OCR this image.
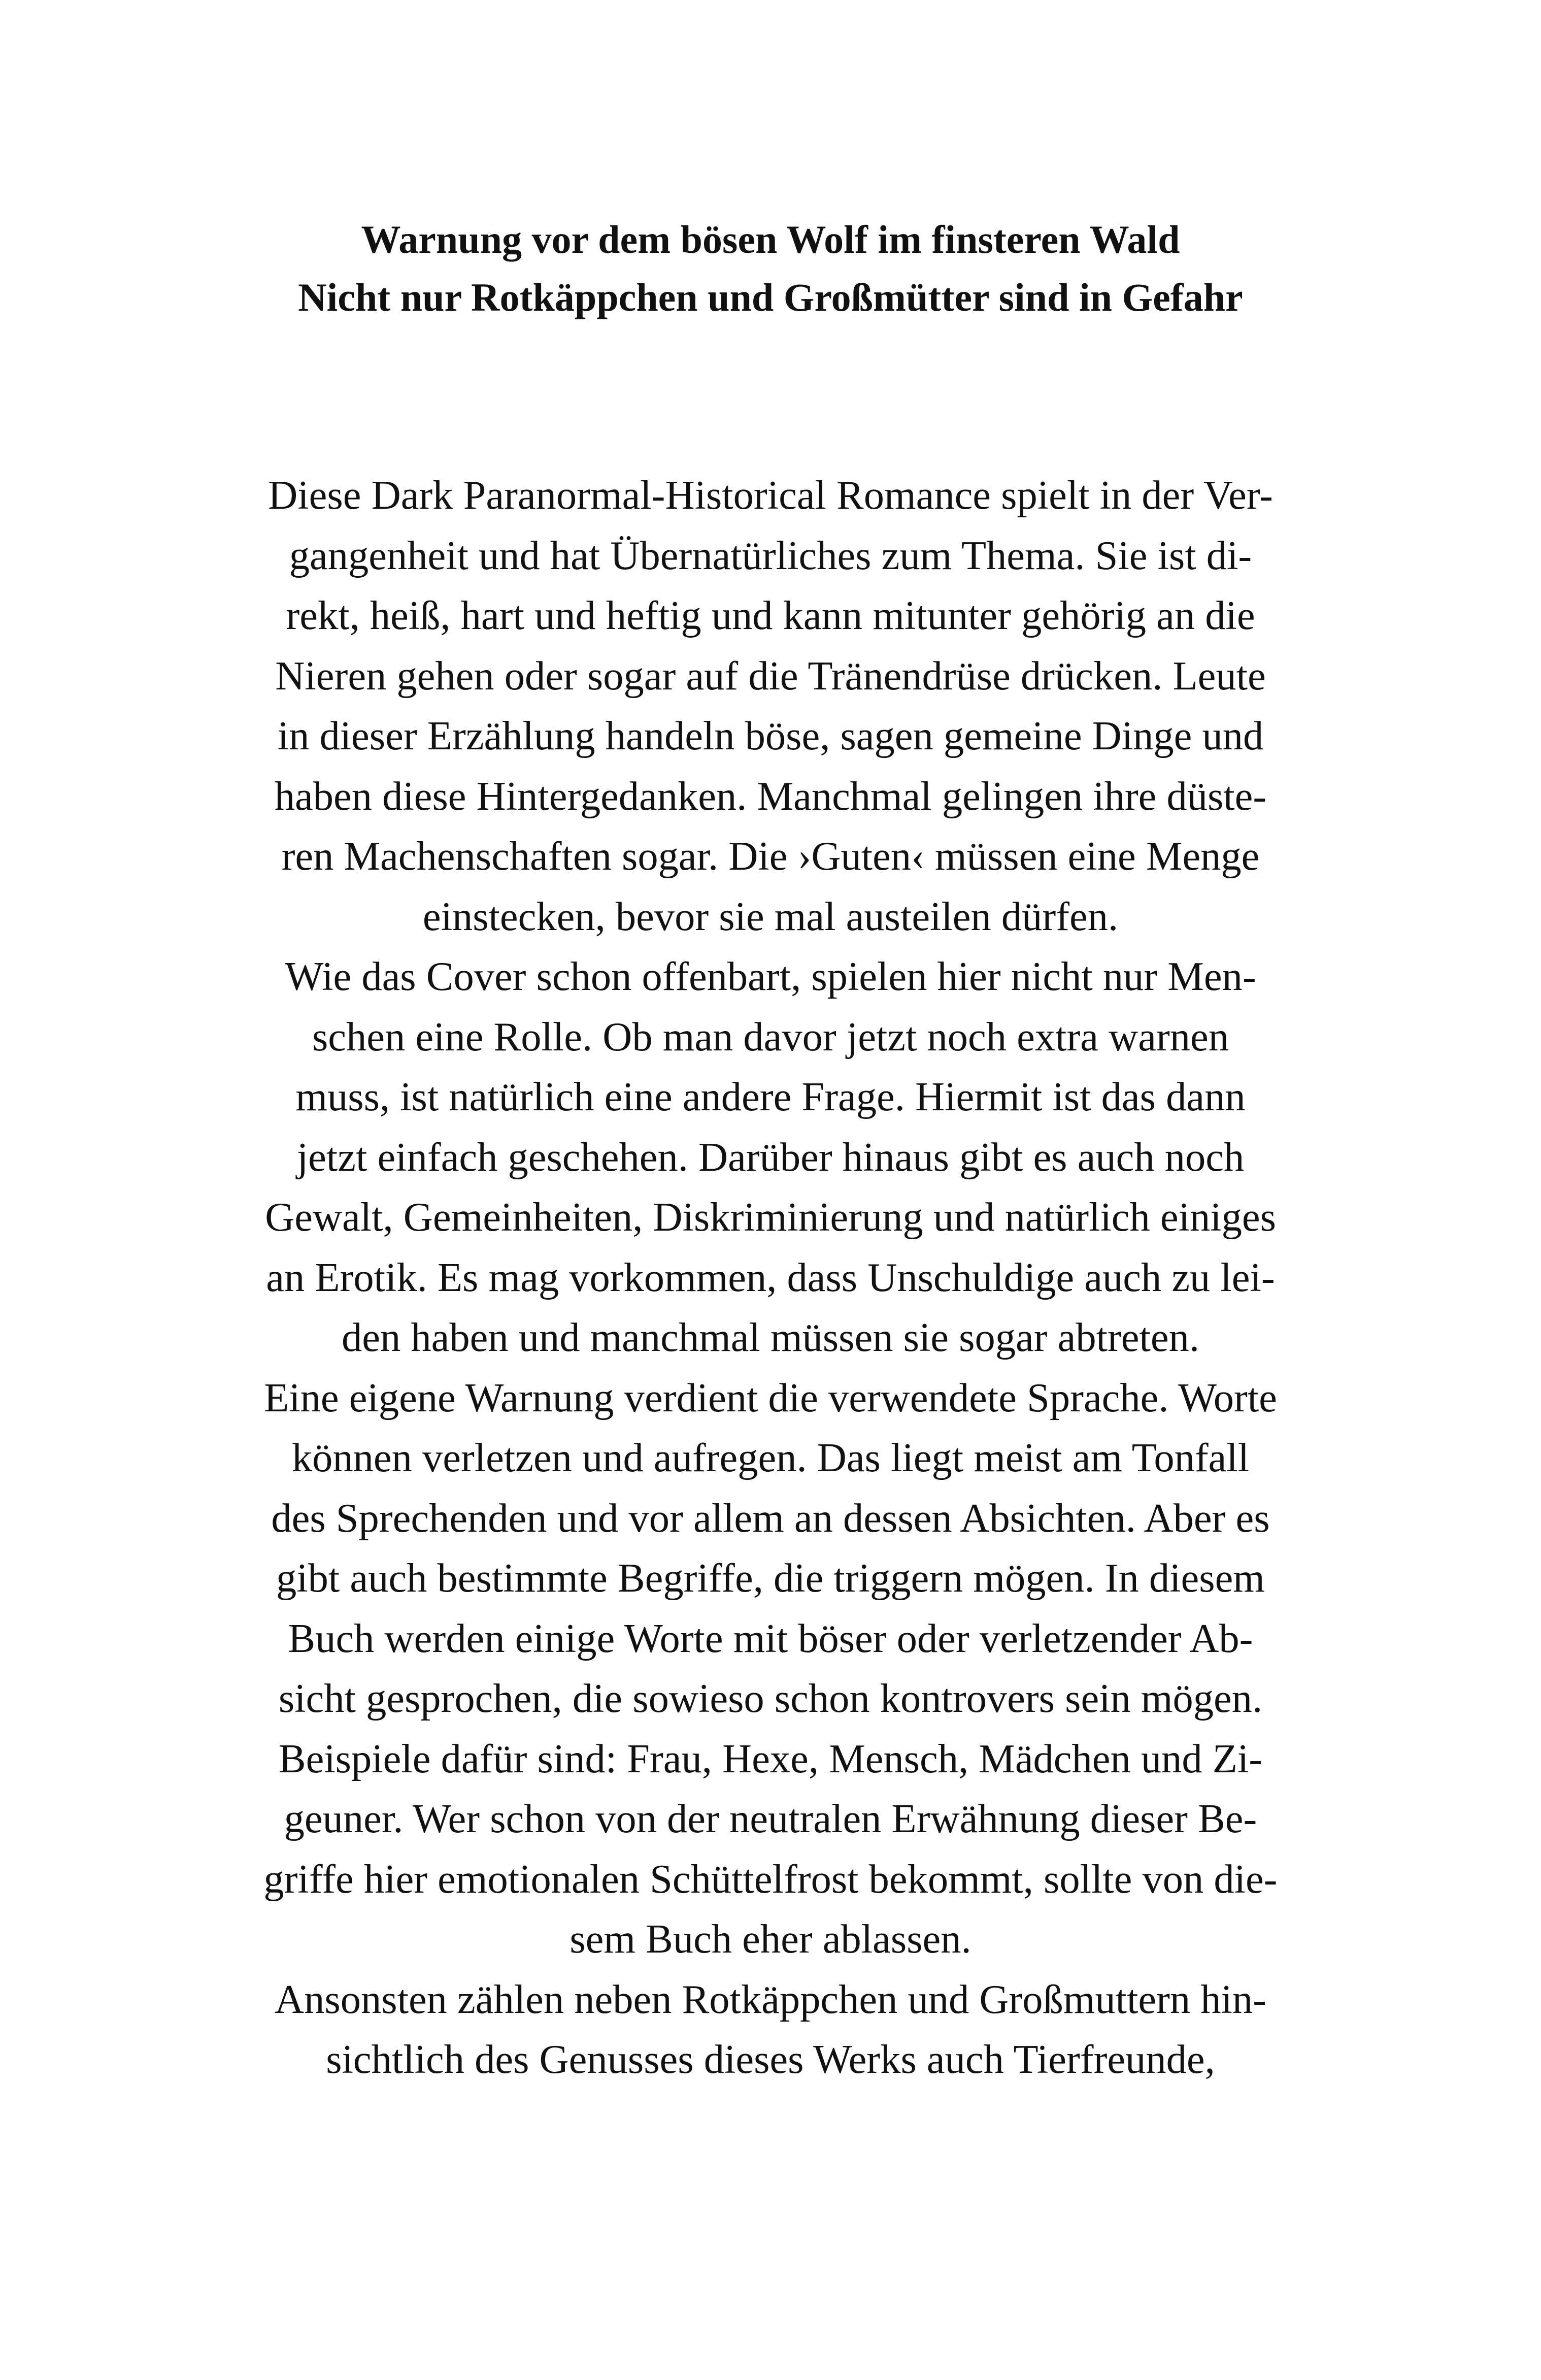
Warnung vor dem bösen Wolf im finsteren Wald
Nicht nur Rotkäppchen und Großmütter sind in Gefahr
Diese Dark Paranormal-Historical Romance spielt in der Ver-
gangenheit und hat Übernatürliches zum Thema. Sie ist di-
rekt, heiß, hart und heftig und kann mitunter gehörig an die
Nieren gehen oder sogar auf die Tränendrüse drücken. Leute
in dieser Erzählung handeln böse, sagen gemeine Dinge und
haben diese Hintergedanken. Manchmal gelingen ihre düste-
ren Machenschaften sogar. Die ›Guten‹ müssen eine Menge
einstecken, bevor sie mal austeilen dürfen.
Wie das Cover schon offenbart, spielen hier nicht nur Men-
schen eine Rolle. Ob man davor jetzt noch extra warnen
muss, ist natürlich eine andere Frage. Hiermit ist das dann
jetzt einfach geschehen. Darüber hinaus gibt es auch noch
Gewalt, Gemeinheiten, Diskriminierung und natürlich einiges
an Erotik. Es mag vorkommen, dass Unschuldige auch zu lei-
den haben und manchmal müssen sie sogar abtreten.
Eine eigene Warnung verdient die verwendete Sprache. Worte
können verletzen und aufregen. Das liegt meist am Tonfall
des Sprechenden und vor allem an dessen Absichten. Aber es
gibt auch bestimmte Begriffe, die triggern mögen. In diesem
Buch werden einige Worte mit böser oder verletzender Ab-
sicht gesprochen, die sowieso schon kontrovers sein mögen.
Beispiele dafür sind: Frau, Hexe, Mensch, Mädchen und Zi-
geuner. Wer schon von der neutralen Erwähnung dieser Be-
griffe hier emotionalen Schüttelfrost bekommt, sollte von die-
sem Buch eher ablassen.
Ansonsten zählen neben Rotkäppchen und Großmuttern hin-
sichtlich des Genusses dieses Werks auch Tierfreunde,
